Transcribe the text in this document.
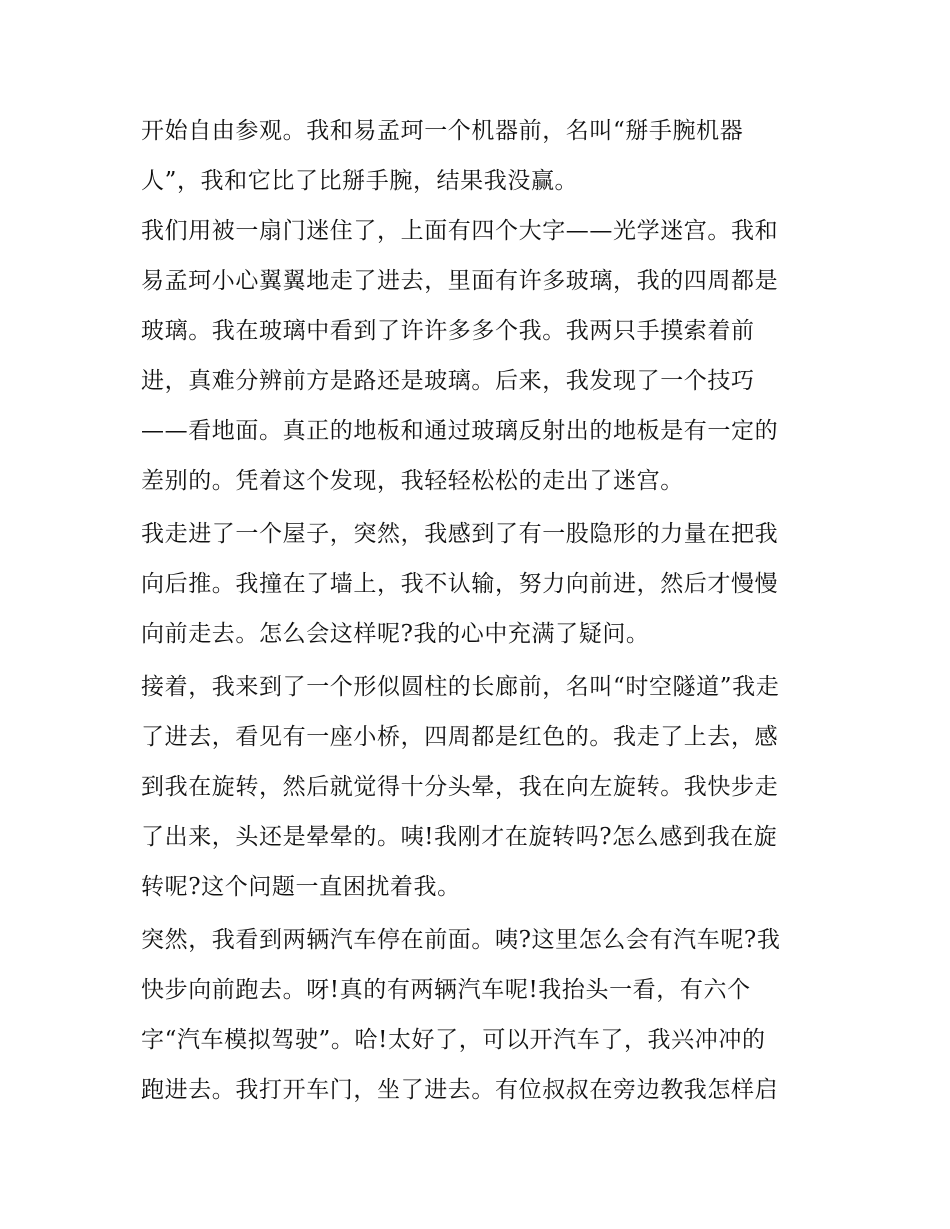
开始自由参观。我和易孟珂一个机器前，名叫“掰手腕机器
人”，我和它比了比掰手腕，结果我没赢。
我们用被一扇门迷住了，上面有四个大字——光学迷宫。我和
易孟珂小心翼翼地走了进去，里面有许多玻璃，我的四周都是
玻璃。我在玻璃中看到了许许多多个我。我两只手摸索着前
进，真难分辨前方是路还是玻璃。后来，我发现了一个技巧
——看地面。真正的地板和通过玻璃反射出的地板是有一定的
差别的。凭着这个发现，我轻轻松松的走出了迷宫。
我走进了一个屋子，突然，我感到了有一股隐形的力量在把我
向后推。我撞在了墙上，我不认输，努力向前进，然后才慢慢
向前走去。怎么会这样呢?我的心中充满了疑问。
接着，我来到了一个形似圆柱的长廊前，名叫“时空隧道”我走
了进去，看见有一座小桥，四周都是红色的。我走了上去，感
到我在旋转，然后就觉得十分头晕，我在向左旋转。我快步走
了出来，头还是晕晕的。咦!我刚才在旋转吗?怎么感到我在旋
转呢?这个问题一直困扰着我。
突然，我看到两辆汽车停在前面。咦?这里怎么会有汽车呢?我
快步向前跑去。呀!真的有两辆汽车呢!我抬头一看，有六个
字“汽车模拟驾驶”。哈!太好了，可以开汽车了，我兴冲冲的
跑进去。我打开车门，坐了进去。有位叔叔在旁边教我怎样启
